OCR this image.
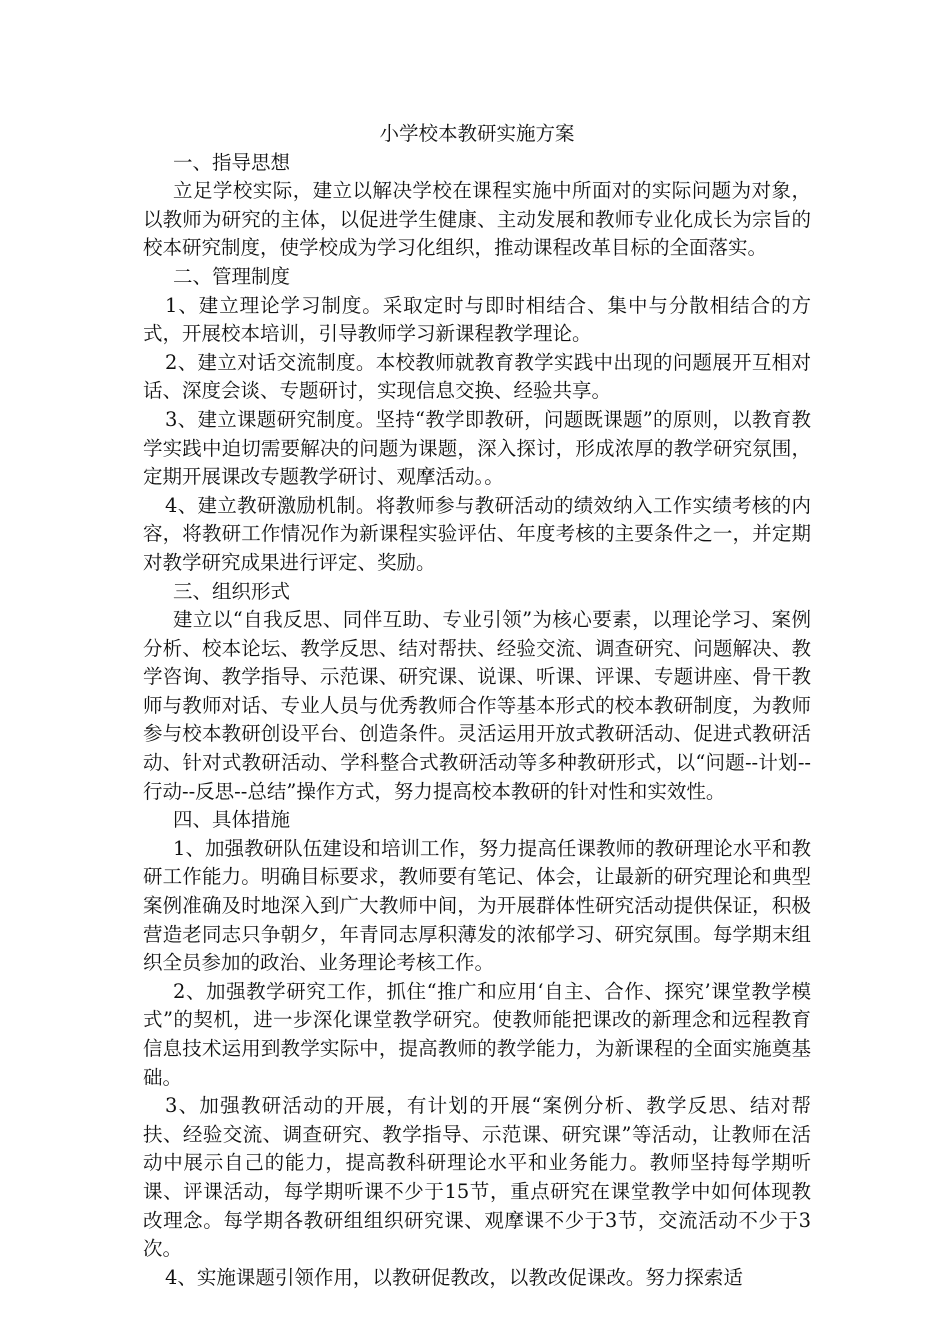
小学校本教研实施方案
一、指导思想

立足学校实际，建立以解决学校在课程实施中所面对的实际问题为对象，以教师为研究的主体，以促进学生健康、主动发展和教师专业化成长为宗旨的校本研究制度，使学校成为学习化组织，推动课程改革目标的全面落实。

二、管理制度

1、建立理论学习制度。采取定时与即时相结合、集中与分散相结合的方式，开展校本培训，引导教师学习新课程教学理论。

2、建立对话交流制度。本校教师就教育教学实践中出现的问题展开互相对话、深度会谈、专题研讨，实现信息交换、经验共享。

3、建立课题研究制度。坚持“教学即教研，问题既课题”的原则，以教育教学实践中迫切需要解决的问题为课题，深入探讨，形成浓厚的教学研究氛围，定期开展课改专题教学研讨、观摩活动。。

4、建立教研激励机制。将教师参与教研活动的绩效纳入工作实绩考核的内容，将教研工作情况作为新课程实验评估、年度考核的主要条件之一，并定期对教学研究成果进行评定、奖励。

三、组织形式

建立以“自我反思、同伴互助、专业引领”为核心要素，以理论学习、案例分析、校本论坛、教学反思、结对帮扶、经验交流、调查研究、问题解决、教学咨询、教学指导、示范课、研究课、说课、听课、评课、专题讲座、骨干教师与教师对话、专业人员与优秀教师合作等基本形式的校本教研制度，为教师参与校本教研创设平台、创造条件。灵活运用开放式教研活动、促进式教研活动、针对式教研活动、学科整合式教研活动等多种教研形式，以“问题--计划--行动--反思--总结”操作方式，努力提高校本教研的针对性和实效性。

四、具体措施

1、加强教研队伍建设和培训工作，努力提高任课教师的教研理论水平和教研工作能力。明确目标要求，教师要有笔记、体会，让最新的研究理论和典型案例准确及时地深入到广大教师中间，为开展群体性研究活动提供保证，积极营造老同志只争朝夕，年青同志厚积薄发的浓郁学习、研究氛围。每学期末组织全员参加的政治、业务理论考核工作。

2、加强教学研究工作，抓住“推广和应用‘自主、合作、探究’课堂教学模式”的契机，进一步深化课堂教学研究。使教师能把课改的新理念和远程教育信息技术运用到教学实际中，提高教师的教学能力，为新课程的全面实施奠基础。

3、加强教研活动的开展，有计划的开展“案例分析、教学反思、结对帮扶、经验交流、调查研究、教学指导、示范课、研究课”等活动，让教师在活动中展示自己的能力，提高教科研理论水平和业务能力。教师坚持每学期听课、评课活动，每学期听课不少于15节，重点研究在课堂教学中如何体现教改理念。每学期各教研组组织研究课、观摩课不少于3节，交流活动不少于3次。

4、实施课题引领作用，以教研促教改，以教改促课改。努力探索适
